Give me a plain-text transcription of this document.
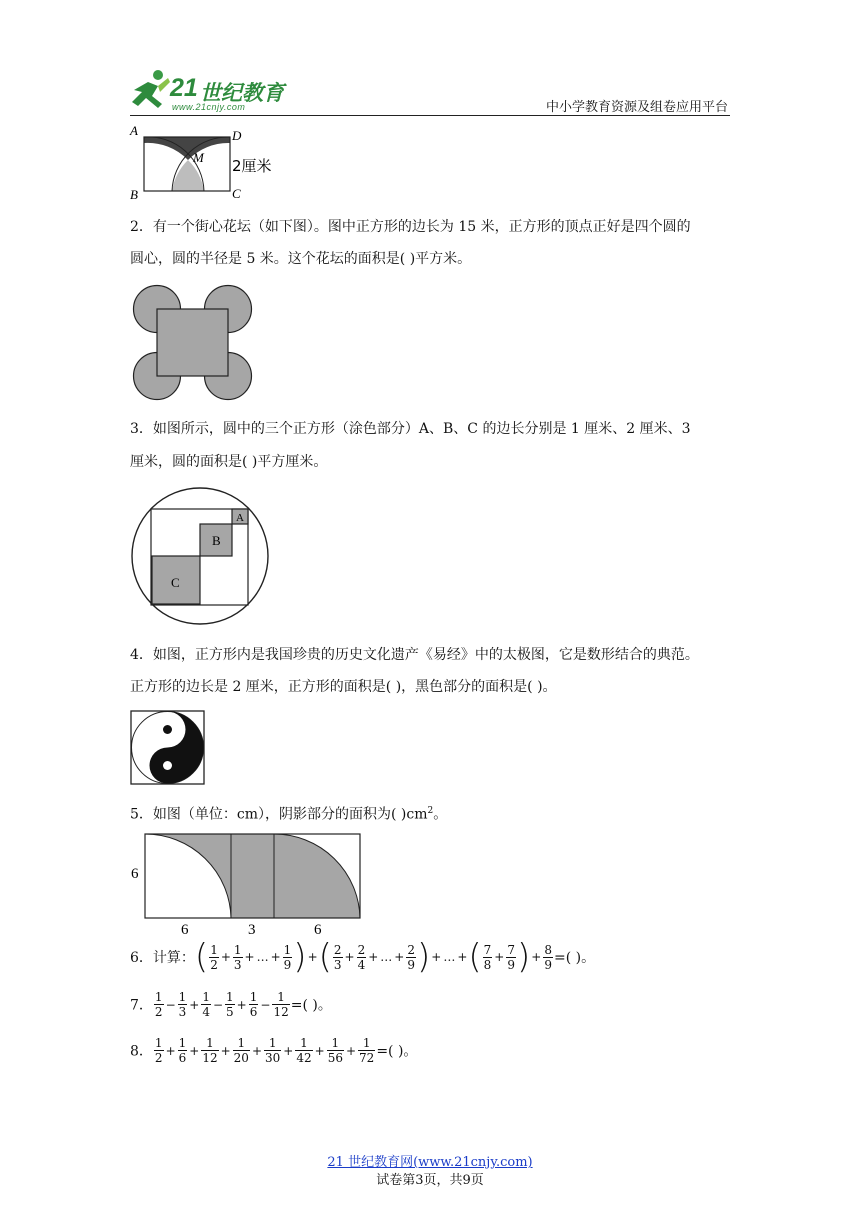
21 世纪教育
www.21cnjy.com	中小学教育资源及组卷应用平台
A	D
B	C
M 2厘米
2．有一个街心花坛（如下图）。图中正方形的边长为 15 米，正方形的顶点正好是四个圆的
圆心，圆的半径是 5 米。这个花坛的面积是( )平方米。
3．如图所示，圆中的三个正方形（涂色部分）A、B、C 的边长分别是 1 厘米、2 厘米、3
厘米，圆的面积是( )平方厘米。
A
B
C
4．如图，正方形内是我国珍贵的历史文化遗产《易经》中的太极图，它是数形结合的典范。
正方形的边长是 2 厘米，正方形的面积是( )，黑色部分的面积是( )。
5．如图（单位：cm），阴影部分的面积为( )$cm^2$。
6
6	3	6
6．计算：( $\frac{1}{2} + \frac{1}{3}$ + … + $\frac{1}{9}$ )+( $\frac{2}{3} + \frac{2}{4}$ + … + $\frac{2}{9}$ )+ … +( $\frac{7}{8} + \frac{7}{9}$ )+ $\frac{8}{9}$ =( )。
7． $\frac{1}{2} - \frac{1}{3} + \frac{1}{4} - \frac{1}{5} + \frac{1}{6} - \frac{1}{12}$ =( )。
8． $\frac{1}{2} + \frac{1}{6} + \frac{1}{12} + \frac{1}{20} + \frac{1}{30} + \frac{1}{42} + \frac{1}{56} + \frac{1}{72}$ =( )。
21 世纪教育网(www.21cnjy.com)
试卷第3页，共9页
